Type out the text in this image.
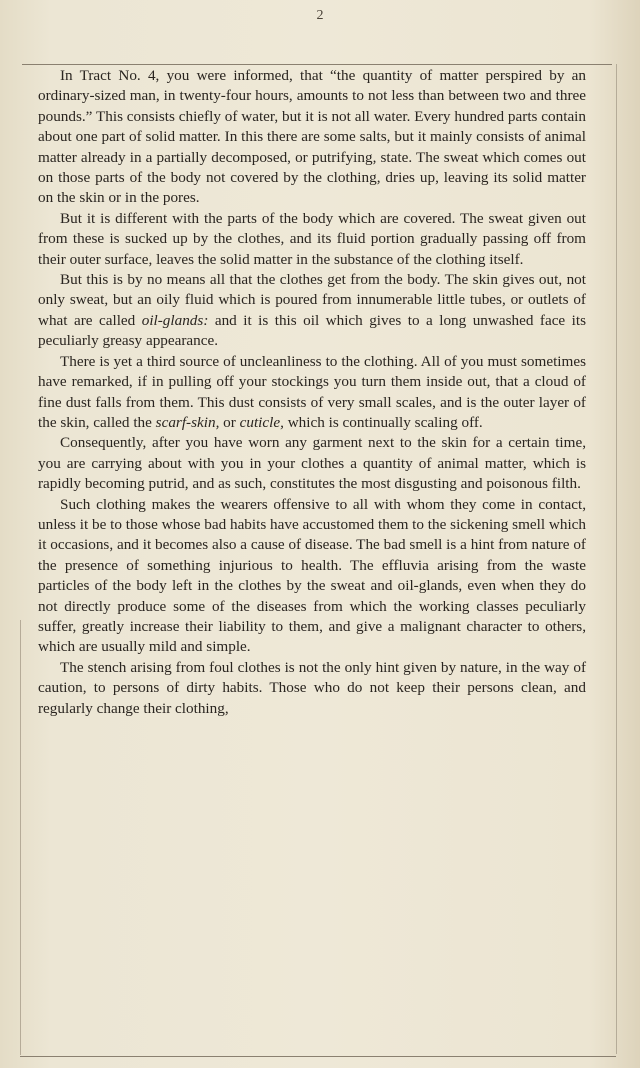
2

In Tract No. 4, you were informed, that “the quantity of matter perspired by an ordinary-sized man, in twenty-four hours, amounts to not less than between two and three pounds.” This consists chiefly of water, but it is not all water. Every hundred parts contain about one part of solid matter. In this there are some salts, but it mainly consists of animal matter already in a partially decomposed, or putrifying, state. The sweat which comes out on those parts of the body not covered by the clothing, dries up, leaving its solid matter on the skin or in the pores.

But it is different with the parts of the body which are covered. The sweat given out from these is sucked up by the clothes, and its fluid portion gradually passing off from their outer surface, leaves the solid matter in the substance of the clothing itself.

But this is by no means all that the clothes get from the body. The skin gives out, not only sweat, but an oily fluid which is poured from innumerable little tubes, or outlets of what are called oil-glands: and it is this oil which gives to a long unwashed face its peculiarly greasy appearance.

There is yet a third source of uncleanliness to the clothing. All of you must sometimes have remarked, if in pulling off your stockings you turn them inside out, that a cloud of fine dust falls from them. This dust consists of very small scales, and is the outer layer of the skin, called the scarf-skin, or cuticle, which is continually scaling off.

Consequently, after you have worn any garment next to the skin for a certain time, you are carrying about with you in your clothes a quantity of animal matter, which is rapidly becoming putrid, and as such, constitutes the most disgusting and poisonous filth.

Such clothing makes the wearers offensive to all with whom they come in contact, unless it be to those whose bad habits have accustomed them to the sickening smell which it occasions, and it becomes also a cause of disease. The bad smell is a hint from nature of the presence of something injurious to health. The effluvia arising from the waste particles of the body left in the clothes by the sweat and oil-glands, even when they do not directly produce some of the diseases from which the working classes peculiarly suffer, greatly increase their liability to them, and give a malignant character to others, which are usually mild and simple.

The stench arising from foul clothes is not the only hint given by nature, in the way of caution, to persons of dirty habits. Those who do not keep their persons clean, and regularly change their clothing,
